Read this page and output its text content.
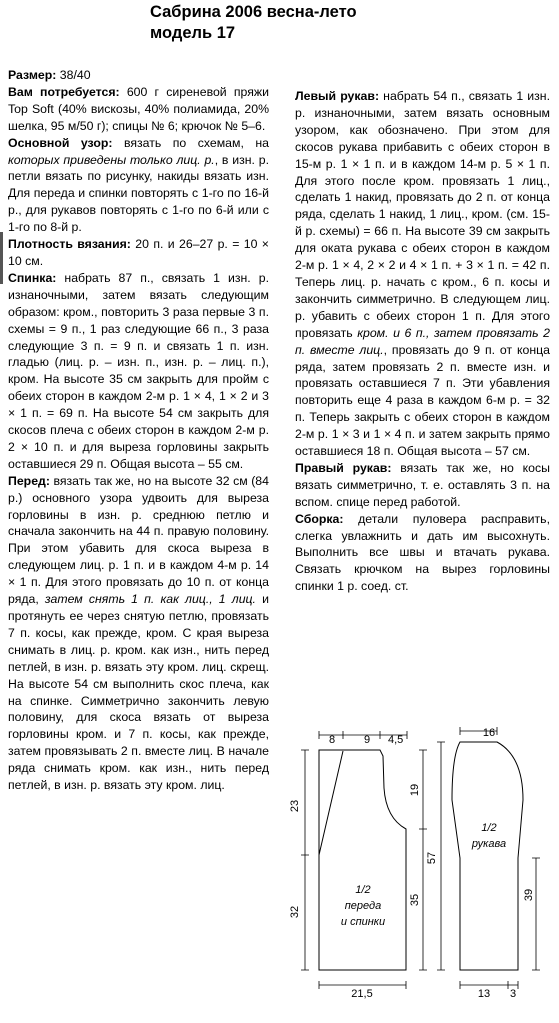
Сабрина 2006 весна-лето
модель 17

Размер: 38/40

Вам потребуется: 600 г сиреневой пряжи Top Soft (40% вискозы, 40% полиамида, 20% шелка, 95 м/50 г); спицы № 6; крючок № 5–6.

Основной узор: вязать по схемам, на которых приведены только лиц. р., в изн. р. петли вязать по рисунку, накиды вязать изн. Для переда и спинки повторять с 1-го по 16-й р., для рукавов повторять с 1-го по 6-й или с 1-го по 8-й р.

Плотность вязания: 20 п. и 26–27 р. = 10 × 10 см.

Спинка: набрать 87 п., связать 1 изн. р. изнаночными, затем вязать следующим образом: кром., повторить 3 раза первые 3 п. схемы = 9 п., 1 раз следующие 66 п., 3 раза следующие 3 п. = 9 п. и связать 1 п. изн. гладью (лиц. р. – изн. п., изн. р. – лиц. п.), кром. На высоте 35 см закрыть для пройм с обеих сторон в каждом 2-м р. 1 × 4, 1 × 2 и 3 × 1 п. = 69 п. На высоте 54 см закрыть для скосов плеча с обеих сторон в каждом 2-м р. 2 × 10 п. и для выреза горловины закрыть оставшиеся 29 п. Общая высота – 55 см.

Перед: вязать так же, но на высоте 32 см (84 р.) основного узора удвоить для выреза горловины в изн. р. среднюю петлю и сначала закончить на 44 п. правую половину. При этом убавить для скоса выреза в следующем лиц. р. 1 п. и в каждом 4-м р. 14 × 1 п. Для этого провязать до 10 п. от конца ряда, затем снять 1 п. как лиц., 1 лиц. и протянуть ее через снятую петлю, провязать 7 п. косы, как прежде, кром. С края выреза снимать в лиц. р. кром. как изн., нить перед петлей, в изн. р. вязать эту кром. лиц. скрещ. На высоте 54 см выполнить скос плеча, как на спинке. Симметрично закончить левую половину, для скоса вязать от выреза горловины кром. и 7 п. косы, как прежде, затем провязывать 2 п. вместе лиц. В начале ряда снимать кром. как изн., нить перед петлей, в изн. р. вязать эту кром. лиц.

Левый рукав: набрать 54 п., связать 1 изн. р. изнаночными, затем вязать основным узором, как обозначено. При этом для скосов рукава прибавить с обеих сторон в 15-м р. 1 × 1 п. и в каждом 14-м р. 5 × 1 п. Для этого после кром. провязать 1 лиц., сделать 1 накид, провязать до 2 п. от конца ряда, сделать 1 накид, 1 лиц., кром. (см. 15-й р. схемы) = 66 п. На высоте 39 см закрыть для оката рукава с обеих сторон в каждом 2-м р. 1 × 4, 2 × 2 и 4 × 1 п. + 3 × 1 п. = 42 п. Теперь лиц. р. начать с кром., 6 п. косы и закончить симметрично. В следующем лиц. р. убавить с обеих сторон 1 п. Для этого провязать кром. и 6 п., затем провязать 2 п. вместе лиц., провязать до 9 п. от конца ряда, затем провязать 2 п. вместе изн. и провязать оставшиеся 7 п. Эти убавления повторить еще 4 раза в каждом 6-м р. = 32 п. Теперь закрыть с обеих сторон в каждом 2-м р. 1 × 3 и 1 × 4 п. и затем закрыть прямо оставшиеся 18 п. Общая высота – 57 см.

Правый рукав: вязать так же, но косы вязать симметрично, т. е. оставлять 3 п. на вспом. спице перед работой.

Сборка: детали пуловера расправить, слегка увлажнить и дать им высохнуть. Выполнить все швы и втачать рукава. Связать крючком на вырез горловины спинки 1 р. соед. ст.

8	9 4,5
23
32
19
35
21,5
1/2
переда
и спинки
16
57
39
13 3
1/2
рукава
